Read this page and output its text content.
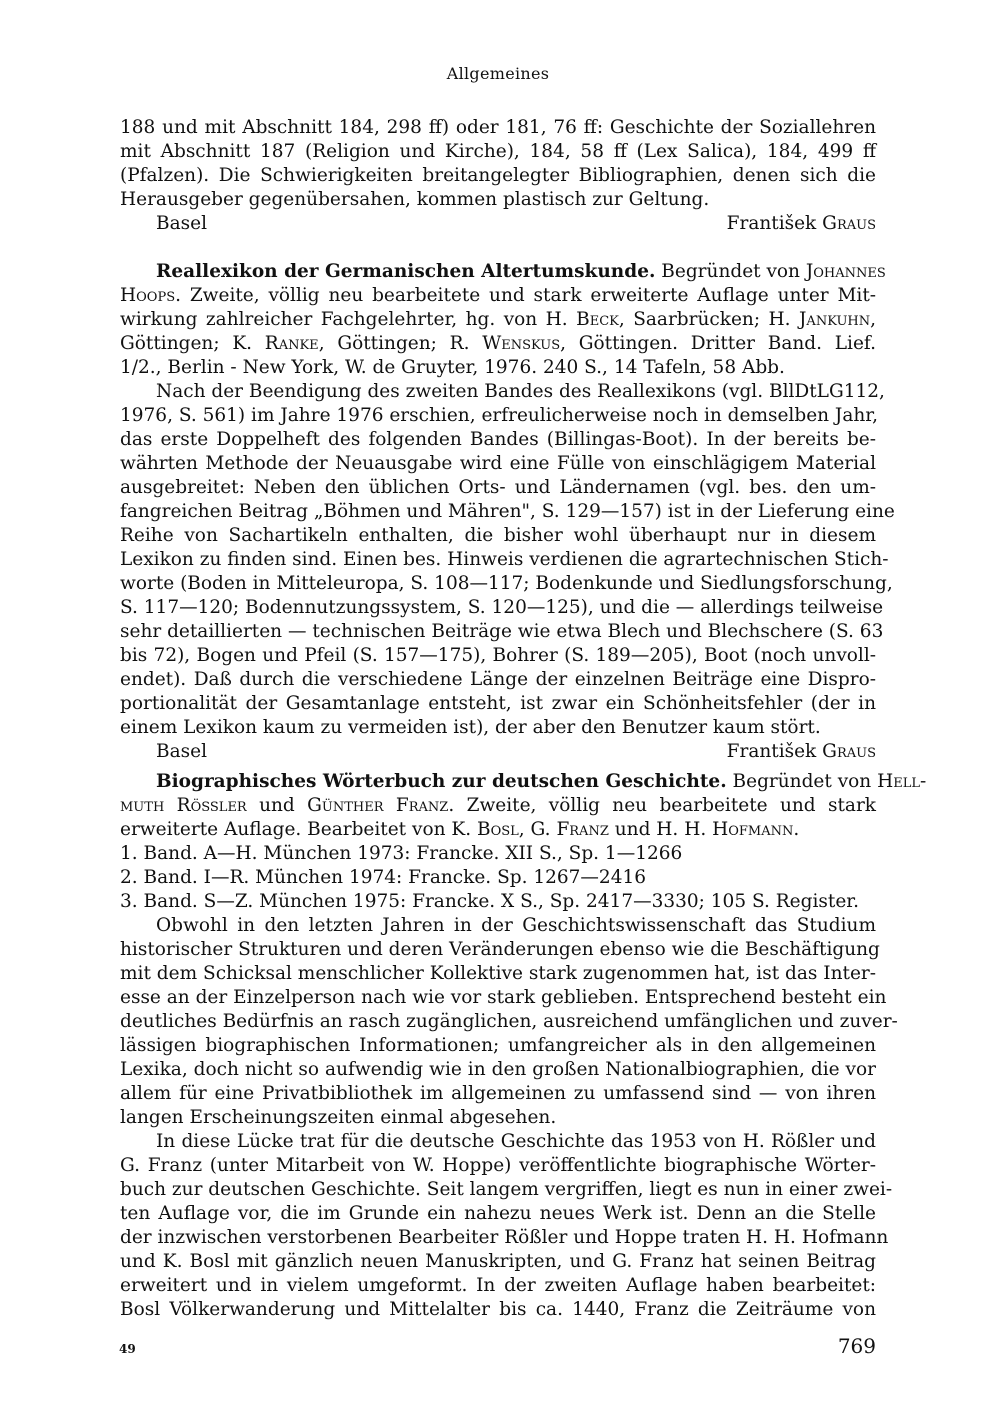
Allgemeines
188 und mit Abschnitt 184, 298 ff) oder 181, 76 ff: Geschichte der Soziallehren
mit Abschnitt 187 (Religion und Kirche), 184, 58 ff (Lex Salica), 184, 499 ff
(Pfalzen). Die Schwierigkeiten breitangelegter Bibliographien, denen sich die
Herausgeber gegenübersahen, kommen plastisch zur Geltung.
Basel	František Graus
Reallexikon der Germanischen Altertumskunde. Begründet von Johannes
Hoops. Zweite, völlig neu bearbeitete und stark erweiterte Auflage unter Mit-
wirkung zahlreicher Fachgelehrter, hg. von H. Beck, Saarbrücken; H. Jankuhn,
Göttingen; K. Ranke, Göttingen; R. Wenskus, Göttingen. Dritter Band. Lief.
1/2., Berlin - New York, W. de Gruyter, 1976. 240 S., 14 Tafeln, 58 Abb.
Nach der Beendigung des zweiten Bandes des Reallexikons (vgl. BllDtLG112,
1976, S. 561) im Jahre 1976 erschien, erfreulicherweise noch in demselben Jahr,
das erste Doppelheft des folgenden Bandes (Billingas-Boot). In der bereits be-
währten Methode der Neuausgabe wird eine Fülle von einschlägigem Material
ausgebreitet: Neben den üblichen Orts- und Ländernamen (vgl. bes. den um-
fangreichen Beitrag „Böhmen und Mähren", S. 129—157) ist in der Lieferung eine
Reihe von Sachartikeln enthalten, die bisher wohl überhaupt nur in diesem
Lexikon zu finden sind. Einen bes. Hinweis verdienen die agrartechnischen Stich-
worte (Boden in Mitteleuropa, S. 108—117; Bodenkunde und Siedlungsforschung,
S. 117—120; Bodennutzungssystem, S. 120—125), und die — allerdings teilweise
sehr detaillierten — technischen Beiträge wie etwa Blech und Blechschere (S. 63
bis 72), Bogen und Pfeil (S. 157—175), Bohrer (S. 189—205), Boot (noch unvoll-
endet). Daß durch die verschiedene Länge der einzelnen Beiträge eine Dispro-
portionalität der Gesamtanlage entsteht, ist zwar ein Schönheitsfehler (der in
einem Lexikon kaum zu vermeiden ist), der aber den Benutzer kaum stört.
Basel	František Graus
Biographisches Wörterbuch zur deutschen Geschichte. Begründet von Hell-
muth Rössler und Günther Franz. Zweite, völlig neu bearbeitete und stark
erweiterte Auflage. Bearbeitet von K. Bosl, G. Franz und H. H. Hofmann.
1. Band. A—H. München 1973: Francke. XII S., Sp. 1—1266
2. Band. I—R. München 1974: Francke. Sp. 1267—2416
3. Band. S—Z. München 1975: Francke. X S., Sp. 2417—3330; 105 S. Register.
Obwohl in den letzten Jahren in der Geschichtswissenschaft das Studium
historischer Strukturen und deren Veränderungen ebenso wie die Beschäftigung
mit dem Schicksal menschlicher Kollektive stark zugenommen hat, ist das Inter-
esse an der Einzelperson nach wie vor stark geblieben. Entsprechend besteht ein
deutliches Bedürfnis an rasch zugänglichen, ausreichend umfänglichen und zuver-
lässigen biographischen Informationen; umfangreicher als in den allgemeinen
Lexika, doch nicht so aufwendig wie in den großen Nationalbiographien, die vor
allem für eine Privatbibliothek im allgemeinen zu umfassend sind — von ihren
langen Erscheinungszeiten einmal abgesehen.
In diese Lücke trat für die deutsche Geschichte das 1953 von H. Rößler und
G. Franz (unter Mitarbeit von W. Hoppe) veröffentlichte biographische Wörter-
buch zur deutschen Geschichte. Seit langem vergriffen, liegt es nun in einer zwei-
ten Auflage vor, die im Grunde ein nahezu neues Werk ist. Denn an die Stelle
der inzwischen verstorbenen Bearbeiter Rößler und Hoppe traten H. H. Hofmann
und K. Bosl mit gänzlich neuen Manuskripten, und G. Franz hat seinen Beitrag
erweitert und in vielem umgeformt. In der zweiten Auflage haben bearbeitet:
Bosl Völkerwanderung und Mittelalter bis ca. 1440, Franz die Zeiträume von
49	769
